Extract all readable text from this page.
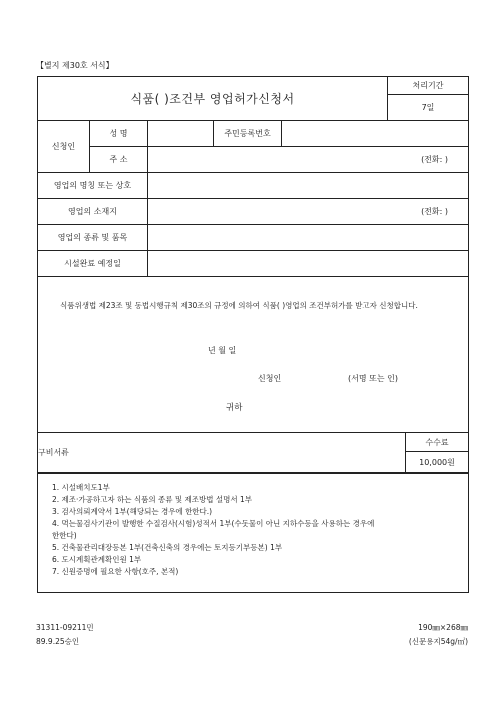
【별지 제30호 서식】
식품( )조건부 영업허가신청서
처리기간
7일
신청인
성 명	주민등록번호
주 소	(전화: )
영업의 명칭 또는 상호
영업의 소재지	(전화: )
영업의 종류 및 품목
시설완료 예정일
식품위생법 제23조 및 동법시행규칙 제30조의 규정에 의하여 식품( )영업의 조건부허가를 받고자 신청합니다.
년 월 일
신청인	(서명 또는 인)
귀하
구비서류
수수료
10,000원
1. 시설배치도1부
2. 제조·가공하고자 하는 식품의 종류 및 제조방법 설명서 1부
3. 검사의뢰계약서 1부(해당되는 경우에 한한다.)
4. 먹는물검사기관이 발행한 수질검사(시험)성적서 1부(수돗물이 아닌 지하수등을 사용하는 경우에
한한다)
5. 건축물관리대장등본 1부(건축신축의 경우에는 토지등기부등본) 1부
6. 도시계획관계확인원 1부
7. 신원증명에 필요한 사항(호주, 본적)
31311-09211민
89.9.25승인
190㎜×268㎜
(신문용지54g/㎡)
